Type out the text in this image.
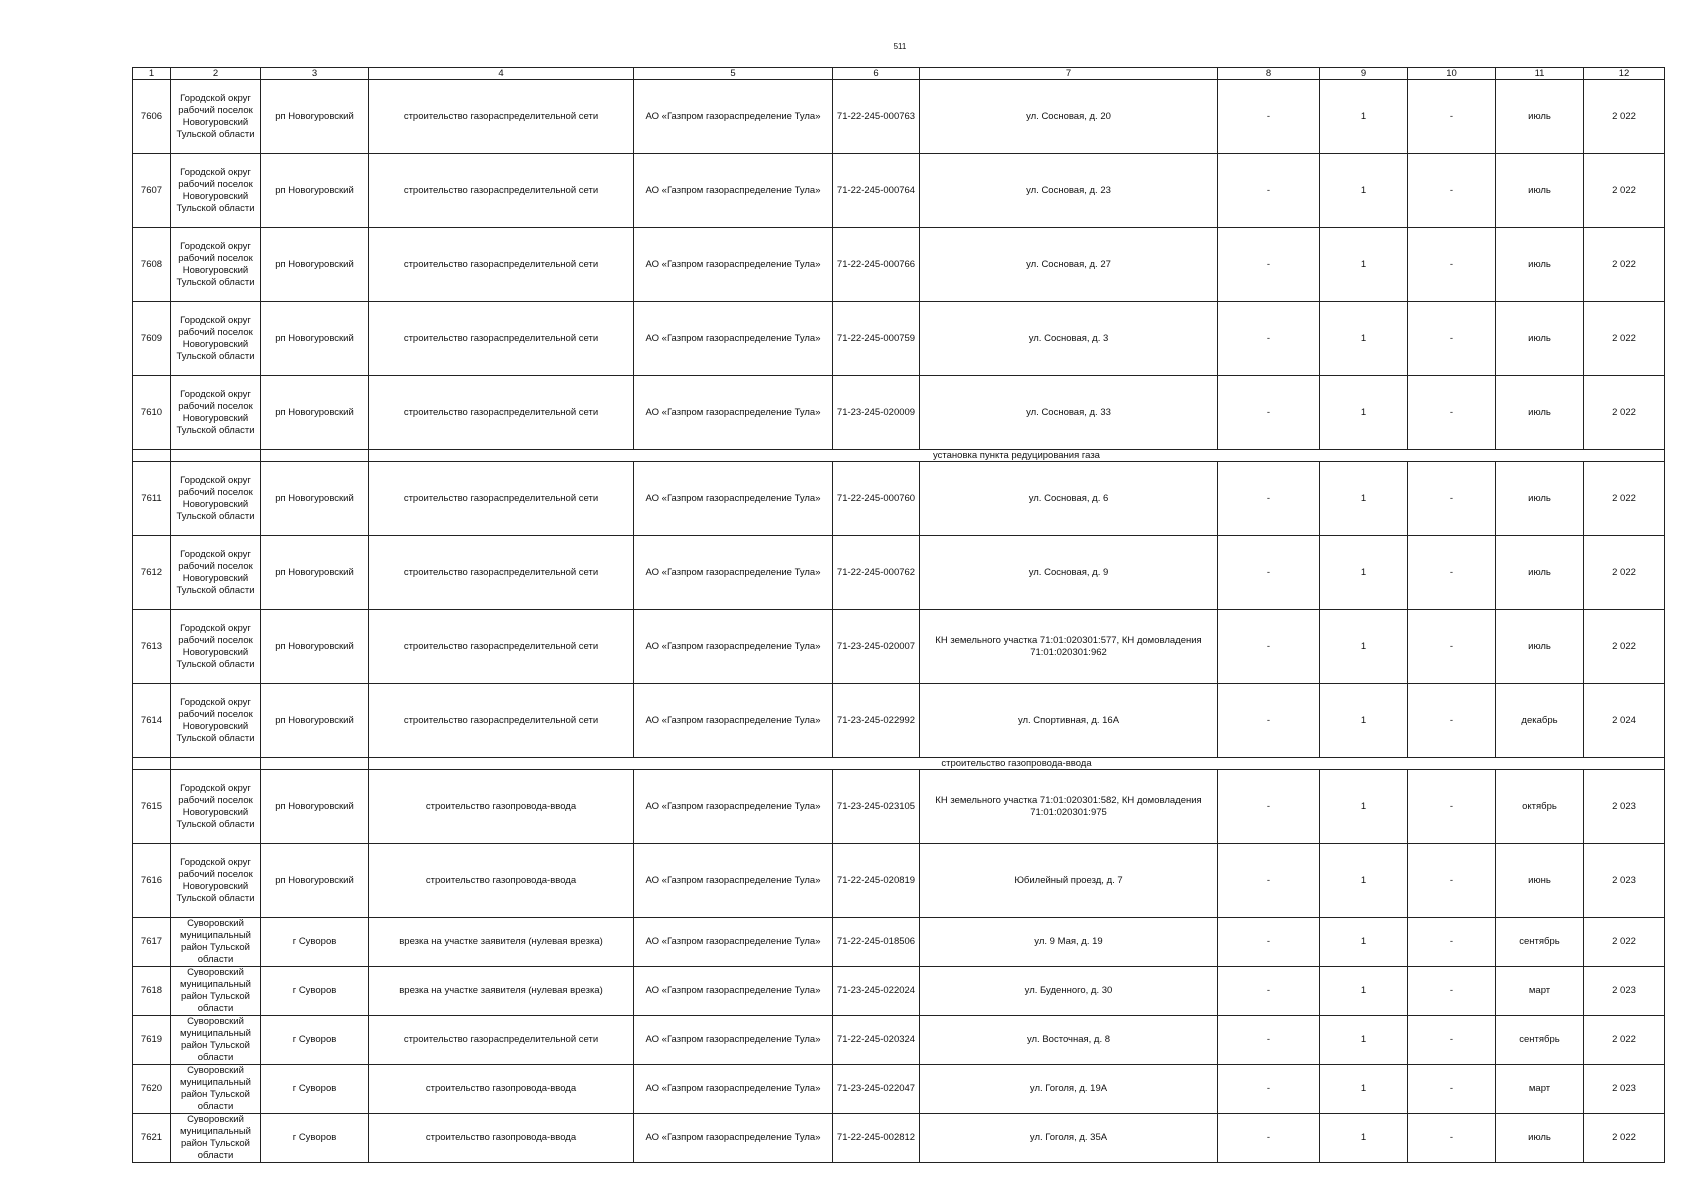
511
1	2	3	4	5	6	7	8	9	10	11	12
7606	Городской округ рабочий поселок Новогуровский Тульской области	рп Новогуровский	строительство газораспределительной сети	АО «Газпром газораспределение Тула»	71-22-245-000763	ул. Сосновая, д. 20	-	1	-	июль	2 022
7607	Городской округ рабочий поселок Новогуровский Тульской области	рп Новогуровский	строительство газораспределительной сети	АО «Газпром газораспределение Тула»	71-22-245-000764	ул. Сосновая, д. 23	-	1	-	июль	2 022
7608	Городской округ рабочий поселок Новогуровский Тульской области	рп Новогуровский	строительство газораспределительной сети	АО «Газпром газораспределение Тула»	71-22-245-000766	ул. Сосновая, д. 27	-	1	-	июль	2 022
7609	Городской округ рабочий поселок Новогуровский Тульской области	рп Новогуровский	строительство газораспределительной сети	АО «Газпром газораспределение Тула»	71-22-245-000759	ул. Сосновая, д. 3	-	1	-	июль	2 022
7610	Городской округ рабочий поселок Новогуровский Тульской области	рп Новогуровский	строительство газораспределительной сети	АО «Газпром газораспределение Тула»	71-23-245-020009	ул. Сосновая, д. 33	-	1	-	июль	2 022
			установка пункта редуцирования газа								
7611	Городской округ рабочий поселок Новогуровский Тульской области	рп Новогуровский	строительство газораспределительной сети	АО «Газпром газораспределение Тула»	71-22-245-000760	ул. Сосновая, д. 6	-	1	-	июль	2 022
7612	Городской округ рабочий поселок Новогуровский Тульской области	рп Новогуровский	строительство газораспределительной сети	АО «Газпром газораспределение Тула»	71-22-245-000762	ул. Сосновая, д. 9	-	1	-	июль	2 022
7613	Городской округ рабочий поселок Новогуровский Тульской области	рп Новогуровский	строительство газораспределительной сети	АО «Газпром газораспределение Тула»	71-23-245-020007	КН земельного участка 71:01:020301:577, КН домовладения 71:01:020301:962	-	1	-	июль	2 022
7614	Городской округ рабочий поселок Новогуровский Тульской области	рп Новогуровский	строительство газораспределительной сети	АО «Газпром газораспределение Тула»	71-23-245-022992	ул. Спортивная, д. 16А	-	1	-	декабрь	2 024
			строительство газопровода-ввода								
7615	Городской округ рабочий поселок Новогуровский Тульской области	рп Новогуровский	строительство газопровода-ввода	АО «Газпром газораспределение Тула»	71-23-245-023105	КН земельного участка 71:01:020301:582, КН домовладения 71:01:020301:975	-	1	-	октябрь	2 023
7616	Городской округ рабочий поселок Новогуровский Тульской области	рп Новогуровский	строительство газопровода-ввода	АО «Газпром газораспределение Тула»	71-22-245-020819	Юбилейный проезд, д. 7	-	1	-	июнь	2 023
7617	Суворовский муниципальный район Тульской области	г Суворов	врезка на участке заявителя (нулевая врезка)	АО «Газпром газораспределение Тула»	71-22-245-018506	ул. 9 Мая, д. 19	-	1	-	сентябрь	2 022
7618	Суворовский муниципальный район Тульской области	г Суворов	врезка на участке заявителя (нулевая врезка)	АО «Газпром газораспределение Тула»	71-23-245-022024	ул. Буденного, д. 30	-	1	-	март	2 023
7619	Суворовский муниципальный район Тульской области	г Суворов	строительство газораспределительной сети	АО «Газпром газораспределение Тула»	71-22-245-020324	ул. Восточная, д. 8	-	1	-	сентябрь	2 022
7620	Суворовский муниципальный район Тульской области	г Суворов	строительство газопровода-ввода	АО «Газпром газораспределение Тула»	71-23-245-022047	ул. Гоголя, д. 19А	-	1	-	март	2 023
7621	Суворовский муниципальный район Тульской области	г Суворов	строительство газопровода-ввода	АО «Газпром газораспределение Тула»	71-22-245-002812	ул. Гоголя, д. 35А	-	1	-	июль	2 022
